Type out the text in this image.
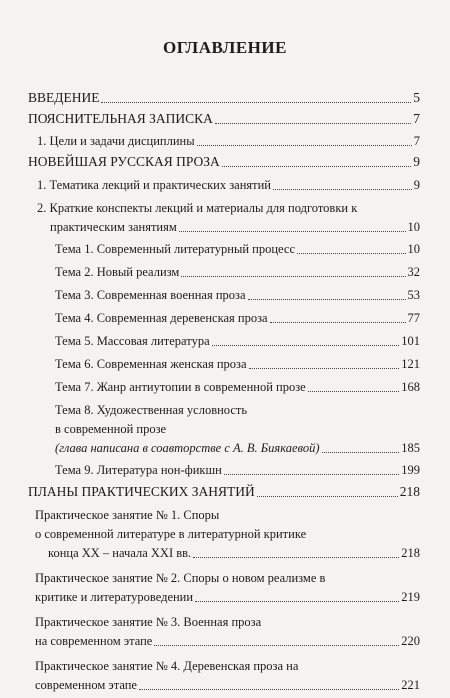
ОГЛАВЛЕНИЕ
ВВЕДЕНИЕ	5
ПОЯСНИТЕЛЬНАЯ ЗАПИСКА	7
1. Цели и задачи дисциплины	7
НОВЕЙШАЯ РУССКАЯ ПРОЗА	9
1. Тематика лекций и практических занятий	9
2. Краткие конспекты лекций и материалы для подготовки к
практическим занятиям	10
Тема 1. Современный литературный процесс	10
Тема 2. Новый реализм	32
Тема 3. Современная военная проза	53
Тема 4. Современная деревенская проза	77
Тема 5. Массовая литература	101
Тема 6. Современная женская проза	121
Тема 7. Жанр антиутопии в современной прозе	168
Тема 8. Художественная условность
в современной прозе
(глава написана в соавторстве с А. В. Биякаевой)	185
Тема 9. Литература нон-фикшн	199
ПЛАНЫ ПРАКТИЧЕСКИХ ЗАНЯТИЙ	218
Практическое занятие № 1. Споры
о современной литературе в литературной критике
конца XX – начала XXI вв.	218
Практическое занятие № 2. Споры о новом реализме в
критике и литературоведении	219
Практическое занятие № 3. Военная проза
на современном этапе	220
Практическое занятие № 4. Деревенская проза на
современном этапе	221
